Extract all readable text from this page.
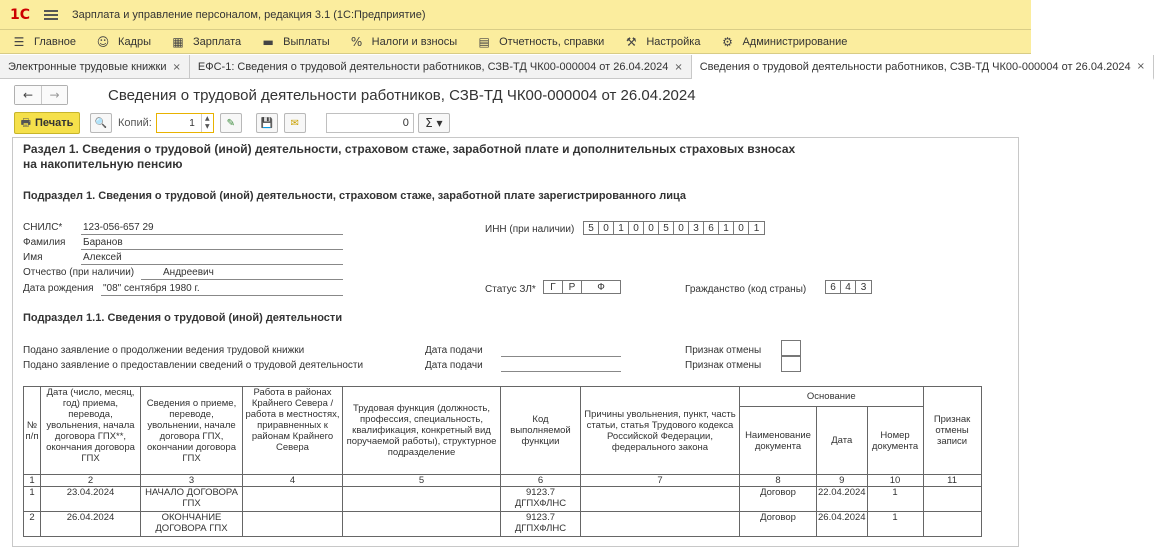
1С	Зарплата и управление персоналом, редакция 3.1 (1С:Предприятие)
☰ Главное ☺ Кадры ▦ Зарплата ▬ Выплаты % Налоги и взносы ▤ Отчетность, справки ⚒ Настройка ⚙ Администрирование
Электронные трудовые книжки × ЕФС-1: Сведения о трудовой деятельности работников, СЗВ-ТД ЧК00-000004 от 26.04.2024 × Сведения о трудовой деятельности работников, СЗВ-ТД ЧК00-000004 от 26.04.2024 ×
←	→	Сведения о трудовой деятельности работников, СЗВ-ТД ЧК00-000004 от 26.04.2024
🖶 Печать 🔍 Копий:	1	▲
▼	✎	💾 ✉	0	Σ ▾
Раздел 1. Сведения о трудовой (иной) деятельности, страховом стаже, заработной плате и дополнительных страховых взносах на накопительную пенсию
Подраздел 1. Сведения о трудовой (иной) деятельности, страховом стаже, заработной плате зарегистрированного лица
СНИЛС* 123-056-657 29
Фамилия Баранов
Имя	Алексей
Отчество (при наличии)	Андреевич
Дата рождения "08" сентября 1980 г.
ИНН (при наличии)	5 0 1 0 0 5 0 3 6 1 0 1
Статус ЗЛ*	Г	Р	Ф	Гражданство (код страны)	6 4 3
Подраздел 1.1. Сведения о трудовой (иной) деятельности
Подано заявление о продолжении ведения трудовой книжки	Дата подачи	Признак отмены
Подано заявление о предоставлении сведений о трудовой деятельности	Дата подачи	Признак отмены
№ п/п	Дата (число, месяц, год) приема, перевода, увольнения, начала договора ГПХ**, окончания договора ГПХ	Сведения о приеме, переводе, увольнении, начале договора ГПХ, окончании договора ГПХ	Работа в районах Крайнего Севера / работа в местностях, приравненных к районам Крайнего Севера	Трудовая функция (должность, профессия, специальность, квалификация, конкретный вид поручаемой работы), структурное подразделение	Код выполняемой функции	Причины увольнения, пункт, часть статьи, статья Трудового кодекса Российской Федерации, федерального закона	Основание			Признак отмены записи
							Наименование документа	Дата	Номер документа	
1	2	3	4	5	6	7	8	9	10	11
1	23.04.2024	НАЧАЛО ДОГОВОРА ГПХ			9123.7 ДГПХФЛНС		Договор	22.04.2024	1	
2	26.04.2024	ОКОНЧАНИЕ ДОГОВОРА ГПХ			9123.7 ДГПХФЛНС		Договор	26.04.2024	1	
